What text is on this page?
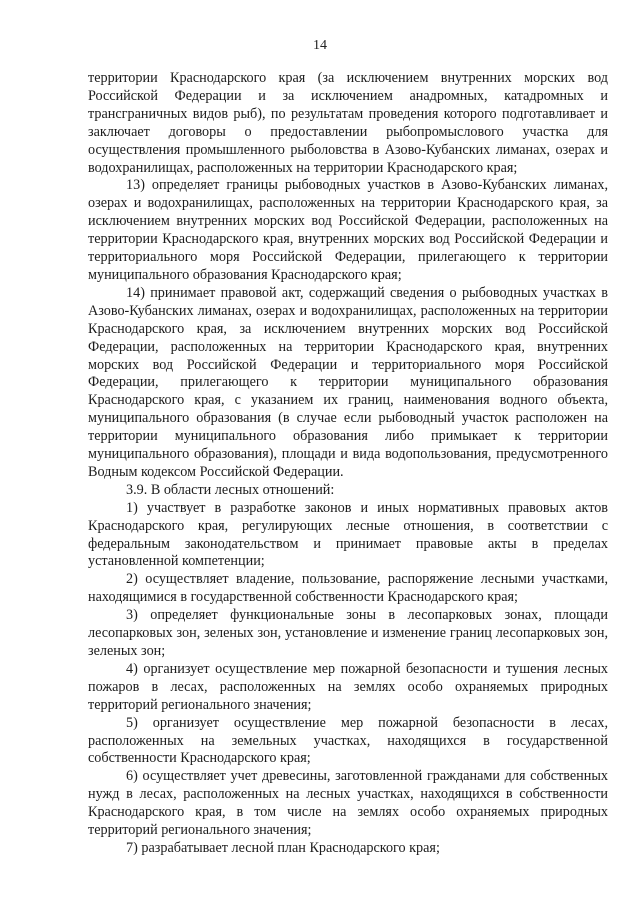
14

территории Краснодарского края (за исключением внутренних морских вод Российской Федерации и за исключением анадромных, катадромных и трансграничных видов рыб), по результатам проведения которого подготавливает и заключает договоры о предоставлении рыбопромыслового участка для осуществления промышленного рыболовства в Азово-Кубанских лиманах, озерах и водохранилищах, расположенных на территории Краснодарского края;

13) определяет границы рыбоводных участков в Азово-Кубанских лиманах, озерах и водохранилищах, расположенных на территории Краснодарского края, за исключением внутренних морских вод Российской Федерации, расположенных на территории Краснодарского края, внутренних морских вод Российской Федерации и территориального моря Российской Федерации, прилегающего к территории муниципального образования Краснодарского края;

14) принимает правовой акт, содержащий сведения о рыбоводных участках в Азово-Кубанских лиманах, озерах и водохранилищах, расположенных на территории Краснодарского края, за исключением внутренних морских вод Российской Федерации, расположенных на территории Краснодарского края, внутренних морских вод Российской Федерации и территориального моря Российской Федерации, прилегающего к территории муниципального образования Краснодарского края, с указанием их границ, наименования водного объекта, муниципального образования (в случае если рыбоводный участок расположен на территории муниципального образования либо примыкает к территории муниципального образования), площади и вида водопользования, предусмотренного Водным кодексом Российской Федерации.

3.9. В области лесных отношений:

1) участвует в разработке законов и иных нормативных правовых актов Краснодарского края, регулирующих лесные отношения, в соответствии с федеральным законодательством и принимает правовые акты в пределах установленной компетенции;

2) осуществляет владение, пользование, распоряжение лесными участками, находящимися в государственной собственности Краснодарского края;

3) определяет функциональные зоны в лесопарковых зонах, площади лесопарковых зон, зеленых зон, установление и изменение границ лесопарковых зон, зеленых зон;

4) организует осуществление мер пожарной безопасности и тушения лесных пожаров в лесах, расположенных на землях особо охраняемых природных территорий регионального значения;

5) организует осуществление мер пожарной безопасности в лесах, расположенных на земельных участках, находящихся в государственной собственности Краснодарского края;

6) осуществляет учет древесины, заготовленной гражданами для собственных нужд в лесах, расположенных на лесных участках, находящихся в собственности Краснодарского края, в том числе на землях особо охраняемых природных территорий регионального значения;

7) разрабатывает лесной план Краснодарского края;
